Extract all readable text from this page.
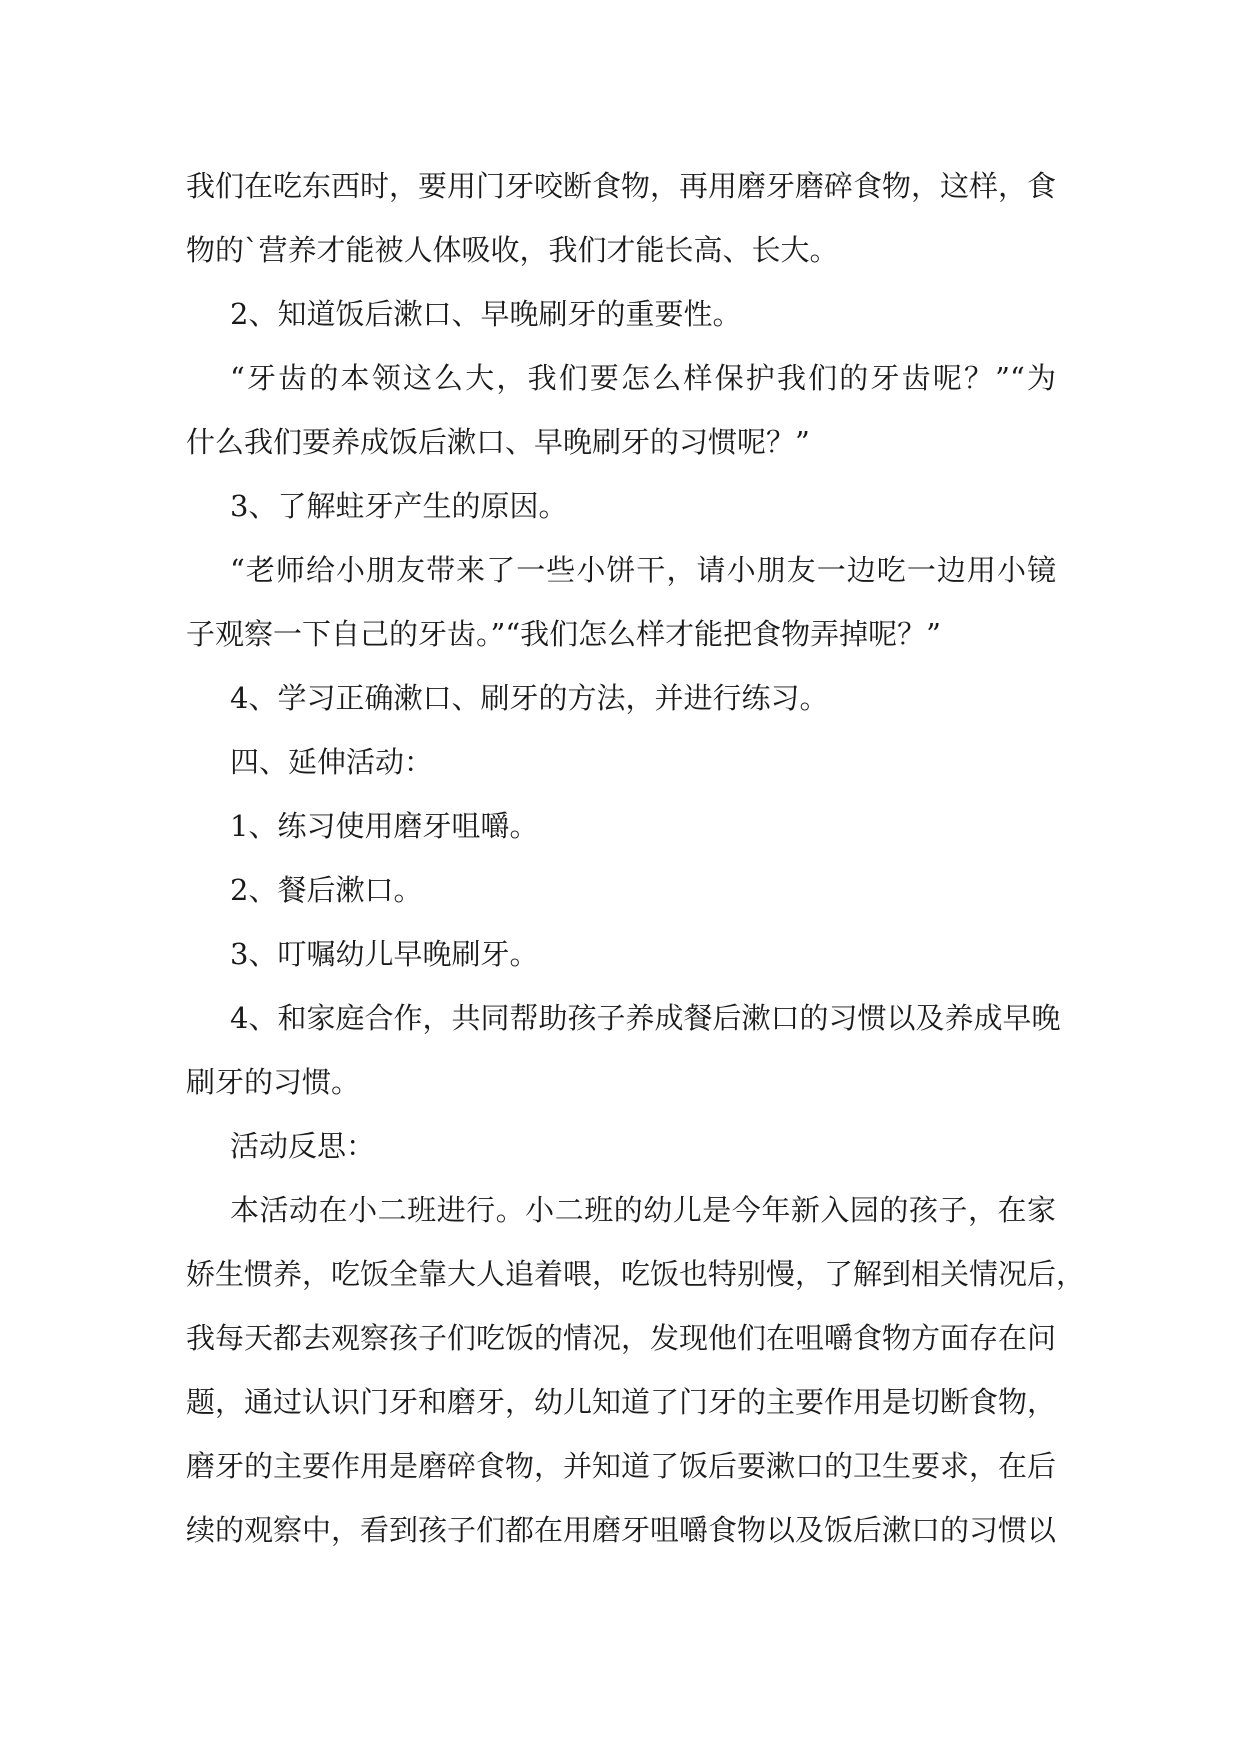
我们在吃东西时，要用门牙咬断食物，再用磨牙磨碎食物，这样，食

物的`营养才能被人体吸收，我们才能长高、长大。

2、知道饭后漱口、早晚刷牙的重要性。

“牙齿的本领这么大，我们要怎么样保护我们的牙齿呢？”“为

什么我们要养成饭后漱口、早晚刷牙的习惯呢？”

3、了解蛀牙产生的原因。

“老师给小朋友带来了一些小饼干，请小朋友一边吃一边用小镜

子观察一下自己的牙齿。”“我们怎么样才能把食物弄掉呢？”

4、学习正确漱口、刷牙的方法，并进行练习。

四、延伸活动：

1、练习使用磨牙咀嚼。

2、餐后漱口。

3、叮嘱幼儿早晚刷牙。

4、和家庭合作，共同帮助孩子养成餐后漱口的习惯以及养成早晚

刷牙的习惯。

活动反思：

本活动在小二班进行。小二班的幼儿是今年新入园的孩子，在家

娇生惯养，吃饭全靠大人追着喂，吃饭也特别慢，了解到相关情况后，

我每天都去观察孩子们吃饭的情况，发现他们在咀嚼食物方面存在问

题，通过认识门牙和磨牙，幼儿知道了门牙的主要作用是切断食物，

磨牙的主要作用是磨碎食物，并知道了饭后要漱口的卫生要求，在后

续的观察中，看到孩子们都在用磨牙咀嚼食物以及饭后漱口的习惯以
